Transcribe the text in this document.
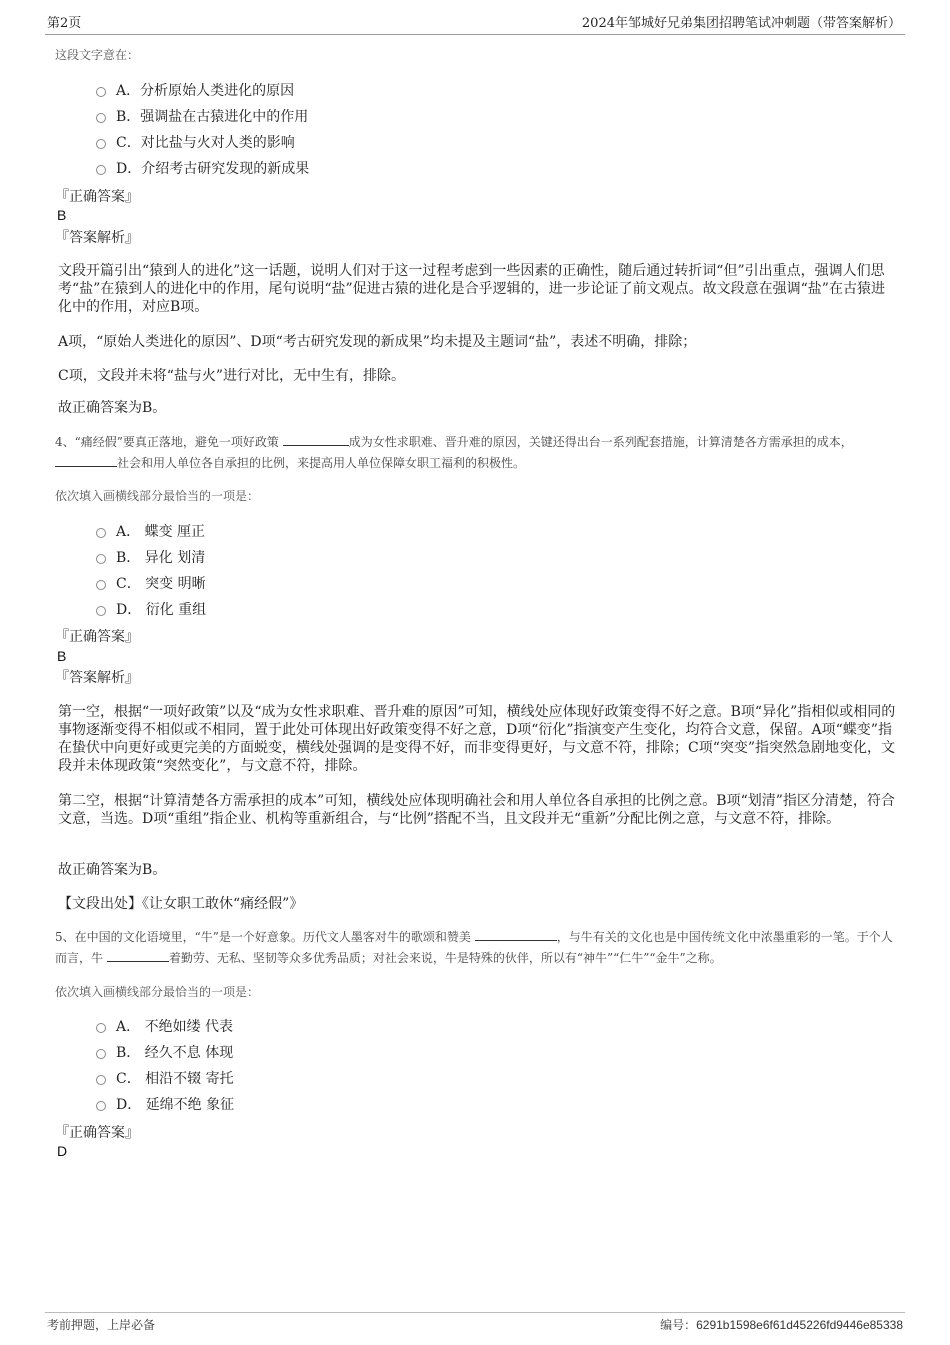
第2页	2024年邹城好兄弟集团招聘笔试冲刺题（带答案解析）
这段文字意在：
A．分析原始人类进化的原因
B．强调盐在古猿进化中的作用
C．对比盐与火对人类的影响
D．介绍考古研究发现的新成果
『正确答案』
B
『答案解析』
文段开篇引出“猿到人的进化”这一话题，说明人们对于这一过程考虑到一些因素的正确性，随后通过转折词“但”引出重点，强调人们思考“盐”在猿到人的进化中的作用，尾句说明“盐”促进古猿的进化是合乎逻辑的，进一步论证了前文观点。故文段意在强调“盐”在古猿进化中的作用，对应B项。
A项，“原始人类进化的原因”、D项“考古研究发现的新成果”均未提及主题词“盐”，表述不明确，排除；
C项，文段并未将“盐与火”进行对比，无中生有，排除。
故正确答案为B。
4、“痛经假”要真正落地，避免一项好政策	成为女性求职难、晋升难的原因，关键还得出台一系列配套措施，计算清楚各方需承担的成本， 社会和用人单位各自承担的比例，来提高用人单位保障女职工福利的积极性。
依次填入画横线部分最恰当的一项是：
A． 蝶变 厘正
B． 异化 划清
C． 突变 明晰
D． 衍化 重组
『正确答案』
B
『答案解析』
第一空，根据“一项好政策”以及“成为女性求职难、晋升难的原因”可知，横线处应体现好政策变得不好之意。B项“异化”指相似或相同的事物逐渐变得不相似或不相同，置于此处可体现出好政策变得不好之意，D项“衍化”指演变产生变化，均符合文意，保留。A项“蝶变”指在蛰伏中向更好或更完美的方面蜕变，横线处强调的是变得不好，而非变得更好，与文意不符，排除；C项“突变”指突然急剧地变化，文段并未体现政策“突然变化”，与文意不符，排除。
第二空，根据“计算清楚各方需承担的成本”可知，横线处应体现明确社会和用人单位各自承担的比例之意。B项“划清”指区分清楚，符合文意，当选。D项“重组”指企业、机构等重新组合，与“比例”搭配不当，且文段并无“重新”分配比例之意，与文意不符，排除。
故正确答案为B。
【文段出处】《让女职工敢休“痛经假”》
5、在中国的文化语境里，“牛”是一个好意象。历代文人墨客对牛的歌颂和赞美	，与牛有关的文化也是中国传统文化中浓墨重彩的一笔。于个人而言，牛	着勤劳、无私、坚韧等众多优秀品质；对社会来说，牛是特殊的伙伴，所以有“神牛”“仁牛”“金牛”之称。
依次填入画横线部分最恰当的一项是：
A． 不绝如缕 代表
B． 经久不息 体现
C． 相沿不辍 寄托
D． 延绵不绝 象征
『正确答案』
D
考前押题，上岸必备	编号：6291b1598e6f61d45226fd9446e85338
